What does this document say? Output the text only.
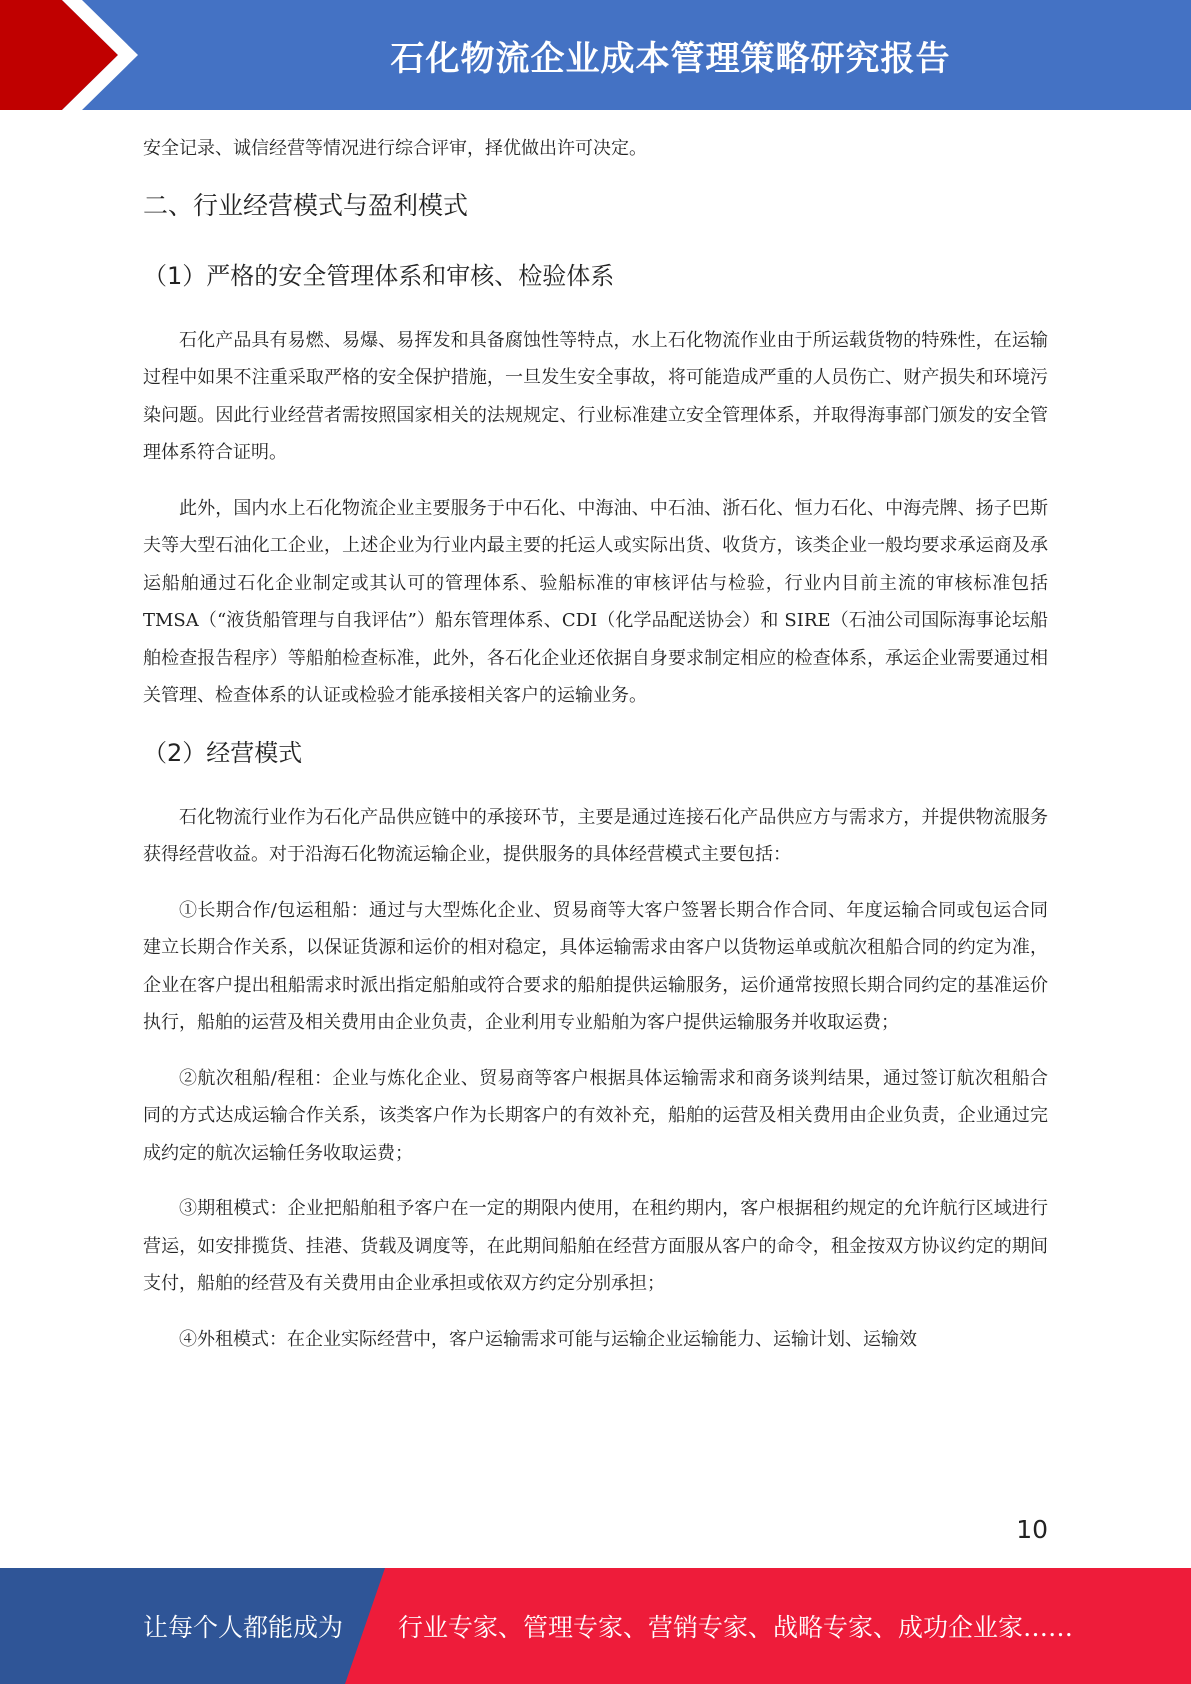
石化物流企业成本管理策略研究报告

安全记录、诚信经营等情况进行综合评审，择优做出许可决定。

二、行业经营模式与盈利模式

（1）严格的安全管理体系和审核、检验体系

石化产品具有易燃、易爆、易挥发和具备腐蚀性等特点，水上石化物流作业由于所运载货物的特殊性，在运输过程中如果不注重采取严格的安全保护措施，一旦发生安全事故，将可能造成严重的人员伤亡、财产损失和环境污染问题。因此行业经营者需按照国家相关的法规规定、行业标准建立安全管理体系，并取得海事部门颁发的安全管理体系符合证明。

此外，国内水上石化物流企业主要服务于中石化、中海油、中石油、浙石化、恒力石化、中海壳牌、扬子巴斯夫等大型石油化工企业，上述企业为行业内最主要的托运人或实际出货、收货方，该类企业一般均要求承运商及承运船舶通过石化企业制定或其认可的管理体系、验船标准的审核评估与检验，行业内目前主流的审核标准包括 TMSA（“液货船管理与自我评估”）船东管理体系、CDI（化学品配送协会）和 SIRE（石油公司国际海事论坛船舶检查报告程序）等船舶检查标准，此外，各石化企业还依据自身要求制定相应的检查体系，承运企业需要通过相关管理、检查体系的认证或检验才能承接相关客户的运输业务。

（2）经营模式

石化物流行业作为石化产品供应链中的承接环节，主要是通过连接石化产品供应方与需求方，并提供物流服务获得经营收益。对于沿海石化物流运输企业，提供服务的具体经营模式主要包括：

①长期合作/包运租船：通过与大型炼化企业、贸易商等大客户签署长期合作合同、年度运输合同或包运合同建立长期合作关系，以保证货源和运价的相对稳定，具体运输需求由客户以货物运单或航次租船合同的约定为准，企业在客户提出租船需求时派出指定船舶或符合要求的船舶提供运输服务，运价通常按照长期合同约定的基准运价执行，船舶的运营及相关费用由企业负责，企业利用专业船舶为客户提供运输服务并收取运费；

②航次租船/程租：企业与炼化企业、贸易商等客户根据具体运输需求和商务谈判结果，通过签订航次租船合同的方式达成运输合作关系，该类客户作为长期客户的有效补充，船舶的运营及相关费用由企业负责，企业通过完成约定的航次运输任务收取运费；

③期租模式：企业把船舶租予客户在一定的期限内使用，在租约期内，客户根据租约规定的允许航行区域进行营运，如安排揽货、挂港、货载及调度等，在此期间船舶在经营方面服从客户的命令，租金按双方协议约定的期间支付，船舶的经营及有关费用由企业承担或依双方约定分别承担；

④外租模式：在企业实际经营中，客户运输需求可能与运输企业运输能力、运输计划、运输效

10
让每个人都能成为 行业专家、管理专家、营销专家、战略专家、成功企业家……
